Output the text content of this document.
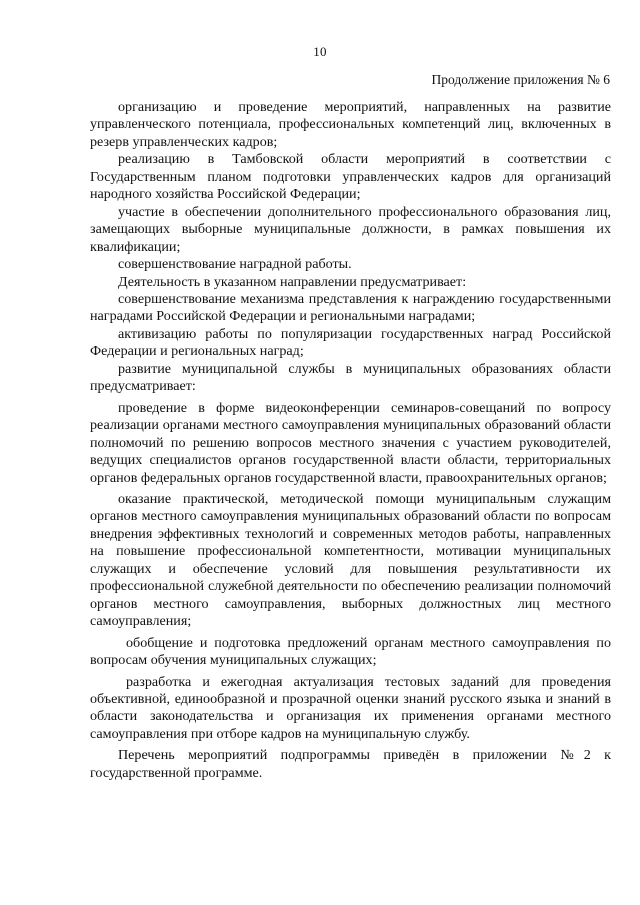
10
Продолжение приложения № 6

организацию и проведение мероприятий, направленных на развитие управленческого потенциала, профессиональных компетенций лиц, включенных в резерв управленческих кадров;

реализацию в Тамбовской области мероприятий в соответствии с Государственным планом подготовки управленческих кадров для организаций народного хозяйства Российской Федерации;

участие в обеспечении дополнительного профессионального образования лиц, замещающих выборные муниципальные должности, в рамках повышения их квалификации;

совершенствование наградной работы.

Деятельность в указанном направлении предусматривает:

совершенствование механизма представления к награждению государственными наградами Российской Федерации и региональными наградами;

активизацию работы по популяризации государственных наград Российской Федерации и региональных наград;

развитие муниципальной службы в муниципальных образованиях области предусматривает:

проведение в форме видеоконференции семинаров-совещаний по вопросу реализации органами местного самоуправления муниципальных образований области полномочий по решению вопросов местного значения с участием руководителей, ведущих специалистов органов государственной власти области, территориальных органов федеральных органов государственной власти, правоохранительных органов;

оказание практической, методической помощи муниципальным служащим органов местного самоуправления муниципальных образований области по вопросам внедрения эффективных технологий и современных методов работы, направленных на повышение профессиональной компетентности, мотивации муниципальных служащих и обеспечение условий для повышения результативности их профессиональной служебной деятельности по обеспечению реализации полномочий органов местного самоуправления, выборных должностных лиц местного самоуправления;

обобщение и подготовка предложений органам местного самоуправления по вопросам обучения муниципальных служащих;

разработка и ежегодная актуализация тестовых заданий для проведения объективной, единообразной и прозрачной оценки знаний русского языка и знаний в области законодательства и организация их применения органами местного самоуправления при отборе кадров на муниципальную службу.

Перечень мероприятий подпрограммы приведён в приложении №2 к государственной программе.
